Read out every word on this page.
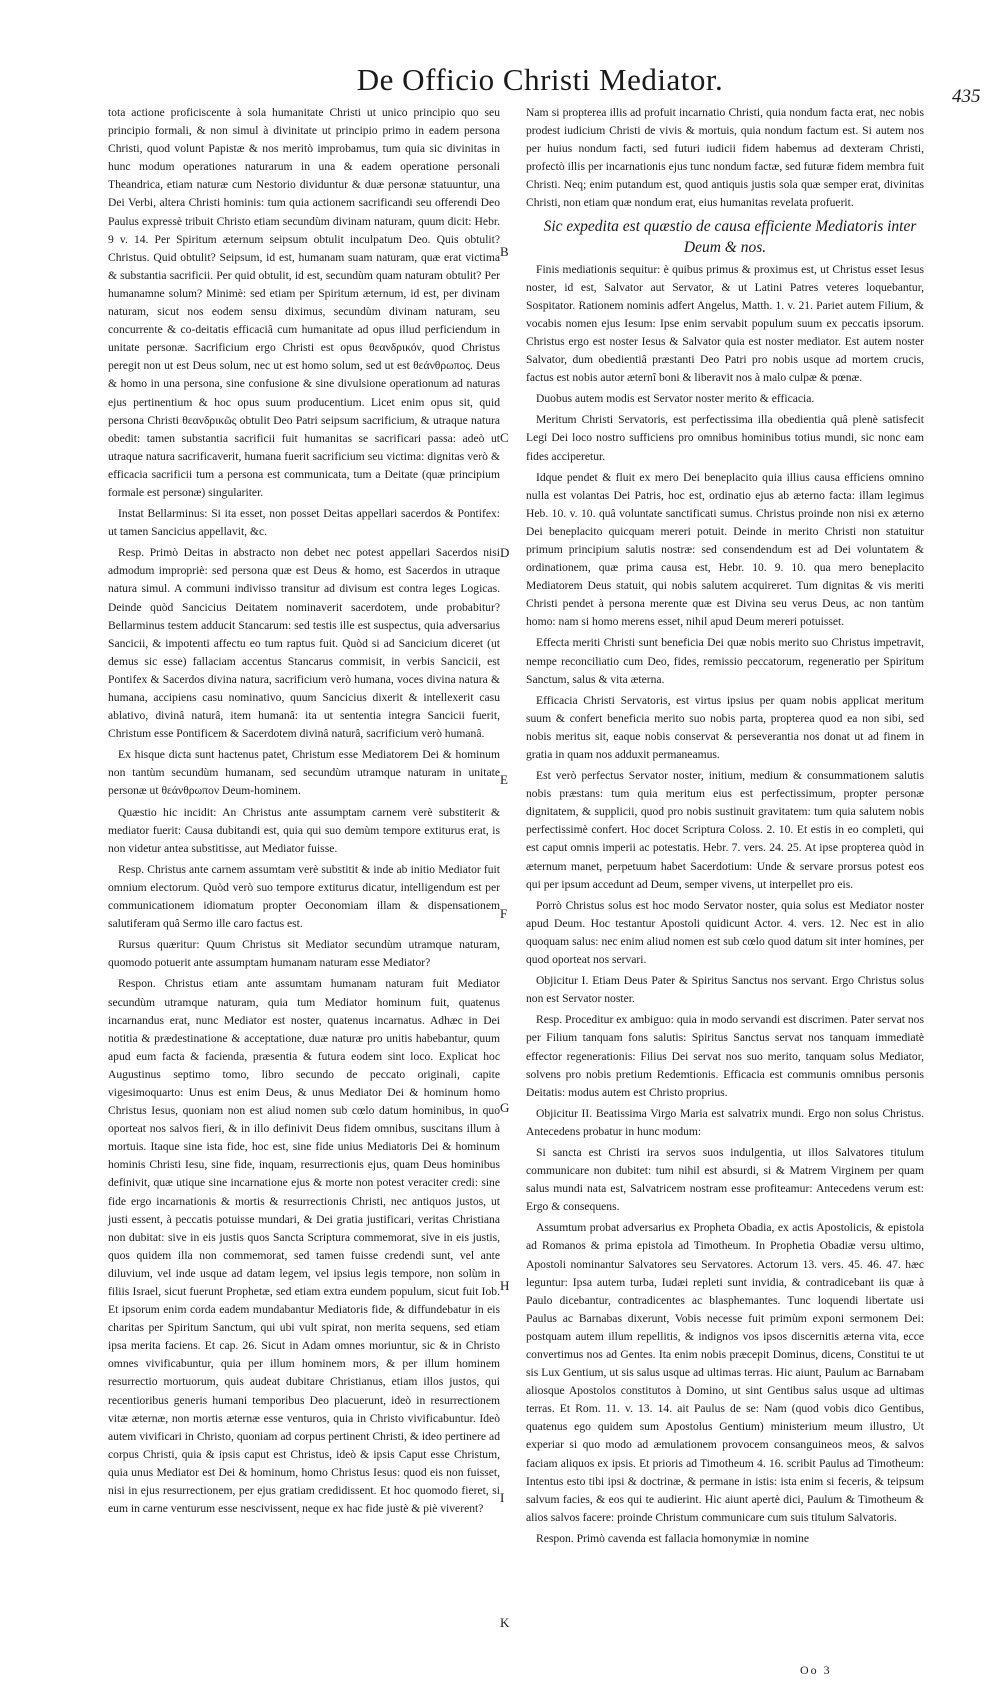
De Officio Christi Mediator.	435

tota actione proficiscente à sola humanitate Christi ut unico principio quo seu principio formali, & non simul à divinitate ut principio primo in eadem persona Christi, quod volunt Papistæ & nos meritò improbamus, tum quia sic divinitas in hunc modum operationes naturarum in una & eadem operatione personali Theandrica, etiam naturæ cum Nestorio dividuntur & duæ personæ statuuntur, una Dei Verbi, altera Christi hominis: tum quia actionem sacrificandi seu offerendi Deo Paulus expressè tribuit Christo etiam secundùm divinam naturam, quum dicit: Hebr. 9 v. 14. Per Spiritum æternum seipsum obtulit inculpatum Deo. Quis obtulit? Christus. Quid obtulit? Seipsum, id est, humanam suam naturam, quæ erat victima & substantia sacrificii. Per quid obtulit, id est, secundùm quam naturam obtulit? Per humanamne solum? Minimè: sed etiam per Spiritum æternum, id est, per divinam naturam, sicut nos eodem sensu diximus, secundùm divinam naturam, seu concurrente & co-deitatis efficaciâ cum humanitate ad opus illud perficiendum in unitate personæ. Sacrificium ergo Christi est opus θεανδρικόν, quod Christus peregit non ut est Deus solum, nec ut est homo solum, sed ut est θεάνθρωπος. Deus & homo in una persona, sine confusione & sine divulsione operationum ad naturas ejus pertinentium & hoc opus suum producentium. Licet enim opus sit, quid persona Christi θεανδρικῶς obtulit Deo Patri seipsum sacrificium, & utraque natura obedit: tamen substantia sacrificii fuit humanitas se sacrificari passa: adeò ut utraque natura sacrificaverit, humana fuerit sacrificium seu victima: dignitas verò & efficacia sacrificii tum a persona est communicata, tum a Deitate (quæ principium formale est personæ) singulariter.

Instat Bellarminus: Si ita esset, non posset Deitas appellari sacerdos & Pontifex: ut tamen Sancicius appellavit, &c.

Resp. Primò Deitas in abstracto non debet nec potest appellari Sacerdos nisi admodum impropriè: sed persona quæ est Deus & homo, est Sacerdos in utraque natura simul. A communi indivisso transitur ad divisum est contra leges Logicas. Deinde quòd Sancicius Deitatem nominaverit sacerdotem, unde probabitur? Bellarminus testem adducit Stancarum: sed testis ille est suspectus, quia adversarius Sancicii, & impotenti affectu eo tum raptus fuit. Quòd si ad Sancicium diceret (ut demus sic esse) fallaciam accentus Stancarus commisit, in verbis Sancicii, est Pontifex & Sacerdos divina natura, sacrificium verò humana, voces divina natura & humana, accipiens casu nominativo, quum Sancicius dixerit & intellexerit casu ablativo, divinâ naturâ, item humanâ: ita ut sententia integra Sancicii fuerit, Christum esse Pontificem & Sacerdotem divinâ naturâ, sacrificium verò humanâ.

Ex hisque dicta sunt hactenus patet, Christum esse Mediatorem Dei & hominum non tantùm secundùm humanam, sed secundùm utramque naturam in unitate personæ ut θεάνθρωπον Deum-hominem.

Quæstio hic incidit: An Christus ante assumptam carnem verè substiterit & mediator fuerit: Causa dubitandi est, quia qui suo demùm tempore extiturus erat, is non videtur antea substitisse, aut Mediator fuisse.

Resp. Christus ante carnem assumtam verè substitit & inde ab initio Mediator fuit omnium electorum. Quòd verò suo tempore extiturus dicatur, intelligendum est per communicationem idiomatum propter Oeconomiam illam & dispensationem salutiferam quâ Sermo ille caro factus est.

Rursus quæritur: Quum Christus sit Mediator secundùm utramque naturam, quomodo potuerit ante assumptam humanam naturam esse Mediator?

Respon. Christus etiam ante assumtam humanam naturam fuit Mediator secundùm utramque naturam, quia tum Mediator hominum fuit, quatenus incarnandus erat, nunc Mediator est noster, quatenus incarnatus. Adhæc in Dei notitia & prædestinatione & acceptatione, duæ naturæ pro unitis habebantur, quum apud eum facta & facienda, præsentia & futura eodem sint loco. Explicat hoc Augustinus septimo tomo, libro secundo de peccato originali, capite vigesimoquarto: Unus est enim Deus, & unus Mediator Dei & hominum homo Christus Iesus, quoniam non est aliud nomen sub cœlo datum hominibus, in quo oporteat nos salvos fieri, & in illo definivit Deus fidem omnibus, suscitans illum à mortuis. Itaque sine ista fide, hoc est, sine fide unius Mediatoris Dei & hominum hominis Christi Iesu, sine fide, inquam, resurrectionis ejus, quam Deus hominibus definivit, quæ utique sine incarnatione ejus & morte non potest veraciter credi: sine fide ergo incarnationis & mortis & resurrectionis Christi, nec antiquos justos, ut justi essent, à peccatis potuisse mundari, & Dei gratia justificari, veritas Christiana non dubitat: sive in eis justis quos Sancta Scriptura commemorat, sive in eis justis, quos quidem illa non commemorat, sed tamen fuisse credendi sunt, vel ante diluvium, vel inde usque ad datam legem, vel ipsius legis tempore, non solùm in filiis Israel, sicut fuerunt Prophetæ, sed etiam extra eundem populum, sicut fuit Iob. Et ipsorum enim corda eadem mundabantur Mediatoris fide, & diffundebatur in eis charitas per Spiritum Sanctum, qui ubi vult spirat, non merita sequens, sed etiam ipsa merita faciens. Et cap. 26. Sicut in Adam omnes moriuntur, sic & in Christo omnes vivificabuntur, quia per illum hominem mors, & per illum hominem resurrectio mortuorum, quis audeat dubitare Christianus, etiam illos justos, qui recentioribus generis humani temporibus Deo placuerunt, ideò in resurrectionem vitæ æternæ, non mortis æternæ esse venturos, quia in Christo vivificabuntur. Ideò autem vivificari in Christo, quoniam ad corpus pertinent Christi, & ideo pertinere ad corpus Christi, quia & ipsis caput est Christus, ideò & ipsis Caput esse Christum, quia unus Mediator est Dei & hominum, homo Christus Iesus: quod eis non fuisset, nisi in ejus resurrectionem, per ejus gratiam credidissent. Et hoc quomodo fieret, si eum in carne venturum esse nescivissent, neque ex hac fide justè & piè viverent?

Nam si propterea illis ad profuit incarnatio Christi, quia nondum facta erat, nec nobis prodest iudicium Christi de vivis & mortuis, quia nondum factum est. Si autem nos per huius nondum facti, sed futuri iudicii fidem habemus ad dexteram Christi, profectò illis per incarnationis ejus tunc nondum factæ, sed futuræ fidem membra fuit Christi. Neq; enim putandum est, quod antiquis justis sola quæ semper erat, divinitas Christi, non etiam quæ nondum erat, eius humanitas revelata profuerit.

Sic expedita est quæstio de causa efficiente Mediatoris inter Deum & nos.

Finis mediationis sequitur: è quibus primus & proximus est, ut Christus esset Iesus noster, id est, Salvator aut Servator, & ut Latini Patres veteres loquebantur, Sospitator. Rationem nominis adfert Angelus, Matth. 1. v. 21. Pariet autem Filium, & vocabis nomen ejus Iesum: Ipse enim servabit populum suum ex peccatis ipsorum. Christus ergo est noster Iesus & Salvator quia est noster mediator. Est autem noster Salvator, dum obedientiâ præstanti Deo Patri pro nobis usque ad mortem crucis, factus est nobis autor æternî boni & liberavit nos à malo culpæ & pœnæ.

Duobus autem modis est Servator noster merito & efficacia.

Meritum Christi Servatoris, est perfectissima illa obedientia quâ plenè satisfecit Legi Dei loco nostro sufficiens pro omnibus hominibus totius mundi, sic nonc eam fides acciperetur.

Idque pendet & fluit ex mero Dei beneplacito quia illius causa efficiens omnino nulla est volantas Dei Patris, hoc est, ordinatio ejus ab æterno facta: illam legimus Heb. 10. v. 10. quâ voluntate sanctificati sumus. Christus proinde non nisi ex æterno Dei beneplacito quicquam mereri potuit. Deinde in merito Christi non statuitur primum principium salutis nostræ: sed consendendum est ad Dei voluntatem & ordinationem, quæ prima causa est, Hebr. 10. 9. 10. qua mero beneplacito Mediatorem Deus statuit, qui nobis salutem acquireret. Tum dignitas & vis meriti Christi pendet à persona merente quæ est Divina seu verus Deus, ac non tantùm homo: nam si homo merens esset, nihil apud Deum mereri potuisset.

Effecta meriti Christi sunt beneficia Dei quæ nobis merito suo Christus impetravit, nempe reconciliatio cum Deo, fides, remissio peccatorum, regeneratio per Spiritum Sanctum, salus & vita æterna.

Efficacia Christi Servatoris, est virtus ipsius per quam nobis applicat meritum suum & confert beneficia merito suo nobis parta, propterea quod ea non sibi, sed nobis meritus sit, eaque nobis conservat & perseverantia nos donat ut ad finem in gratia in quam nos adduxit permaneamus.

Est verò perfectus Servator noster, initium, medium & consummationem salutis nobis præstans: tum quia meritum eius est perfectissimum, propter personæ dignitatem, & supplicii, quod pro nobis sustinuit gravitatem: tum quia salutem nobis perfectissimè confert. Hoc docet Scriptura Coloss. 2. 10. Et estis in eo completi, qui est caput omnis imperii ac potestatis. Hebr. 7. vers. 24. 25. At ipse propterea quòd in æternum manet, perpetuum habet Sacerdotium: Unde & servare prorsus potest eos qui per ipsum accedunt ad Deum, semper vivens, ut interpellet pro eis.

Porrò Christus solus est hoc modo Servator noster, quia solus est Mediator noster apud Deum. Hoc testantur Apostoli quidicunt Actor. 4. vers. 12. Nec est in alio quoquam salus: nec enim aliud nomen est sub cœlo quod datum sit inter homines, per quod oporteat nos servari.

Objicitur I. Etiam Deus Pater & Spiritus Sanctus nos servant. Ergo Christus solus non est Servator noster.

Resp. Proceditur ex ambiguo: quia in modo servandi est discrimen. Pater servat nos per Filium tanquam fons salutis: Spiritus Sanctus servat nos tanquam immediatè effector regenerationis: Filius Dei servat nos suo merito, tanquam solus Mediator, solvens pro nobis pretium Redemtionis. Efficacia est communis omnibus personis Deitatis: modus autem est Christo proprius.

Objicitur II. Beatissima Virgo Maria est salvatrix mundi. Ergo non solus Christus. Antecedens probatur in hunc modum:

Si sancta est Christi ira servos suos indulgentia, ut illos Salvatores titulum communicare non dubitet: tum nihil est absurdi, si & Matrem Virginem per quam salus mundi nata est, Salvatricem nostram esse profiteamur: Antecedens verum est: Ergo & consequens.

Assumtum probat adversarius ex Propheta Obadia, ex actis Apostolicis, & epistola ad Romanos & prima epistola ad Timotheum. In Prophetia Obadiæ versu ultimo, Apostoli nominantur Salvatores seu Servatores. Actorum 13. vers. 45. 46. 47. hæc leguntur: Ipsa autem turba, Iudæi repleti sunt invidia, & contradicebant iis quæ à Paulo dicebantur, contradicentes ac blasphemantes. Tunc loquendi libertate usi Paulus ac Barnabas dixerunt, Vobis necesse fuit primùm exponi sermonem Dei: postquam autem illum repellitis, & indignos vos ipsos discernitis æterna vita, ecce convertimus nos ad Gentes. Ita enim nobis præcepit Dominus, dicens, Constitui te ut sis Lux Gentium, ut sis salus usque ad ultimas terras. Hic aiunt, Paulum ac Barnabam aliosque Apostolos constitutos à Domino, ut sint Gentibus salus usque ad ultimas terras. Et Rom. 11. v. 13. 14. ait Paulus de se: Nam (quod vobis dico Gentibus, quatenus ego quidem sum Apostolus Gentium) ministerium meum illustro, Ut experiar si quo modo ad æmulationem provocem consanguineos meos, & salvos faciam aliquos ex ipsis. Et prioris ad Timotheum 4. 16. scribit Paulus ad Timotheum: Intentus esto tibi ipsi & doctrinæ, & permane in istis: ista enim si feceris, & teipsum salvum facies, & eos qui te audierint. Hic aiunt apertè dici, Paulum & Timotheum & alios salvos facere: proinde Christum communicare cum suis titulum Salvatoris.

Respon. Primò cavenda est fallacia homonymiæ in nomine

B
C
D
E
F
G
H
I
K
Oo 3
